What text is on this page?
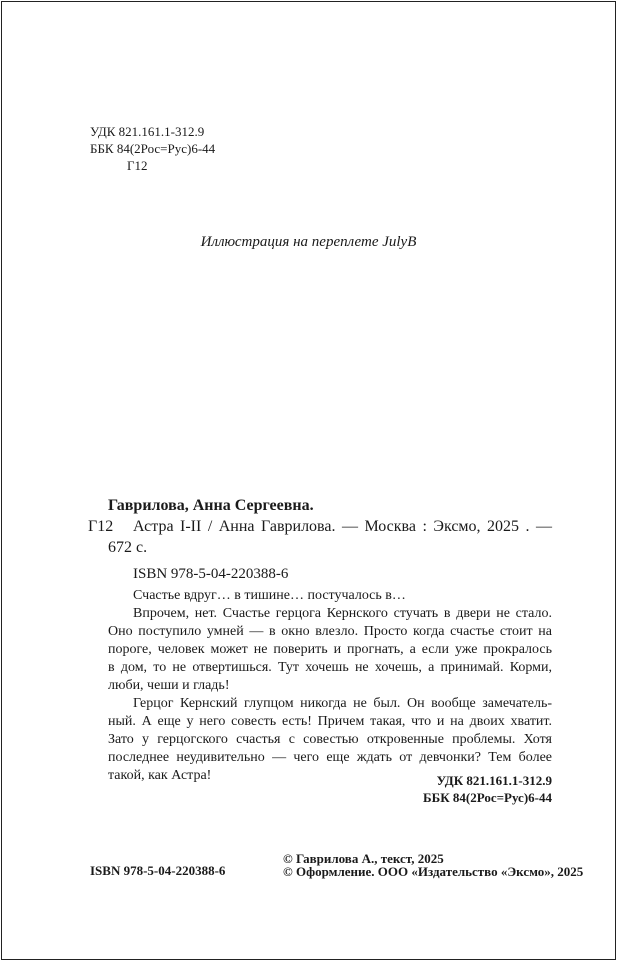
УДК 821.161.1-312.9
ББК 84(2Рос=Рус)6-44
Г12
Иллюстрация на переплете JulyB
Гаврилова, Анна Сергеевна.
Г12 Астра I-II / Анна Гаврилова. — Москва : Эксмо, 2025 . —
672 с.
ISBN 978-5-04-220388-6
Счастье вдруг… в тишине… постучалось в…
Впрочем, нет. Счастье герцога Кернского стучать в двери не стало.
Оно поступило умней — в окно влезло. Просто когда счастье стоит на
пороге, человек может не поверить и прогнать, а если уже прокралось
в дом, то не отвертишься. Тут хочешь не хочешь, а принимай. Корми,
люби, чеши и гладь!
Герцог Кернский глупцом никогда не был. Он вообще замечатель-
ный. А еще у него совесть есть! Причем такая, что и на двоих хватит.
Зато у герцогского счастья с совестью откровенные проблемы. Хотя
последнее неудивительно — чего еще ждать от девчонки? Тем более
такой, как Астра!	УДК 821.161.1-312.9
ББК 84(2Рос=Рус)6-44
ISBN 978-5-04-220388-6
© Гаврилова А., текст, 2025
© Оформление. ООО «Издательство «Эксмо», 2025
